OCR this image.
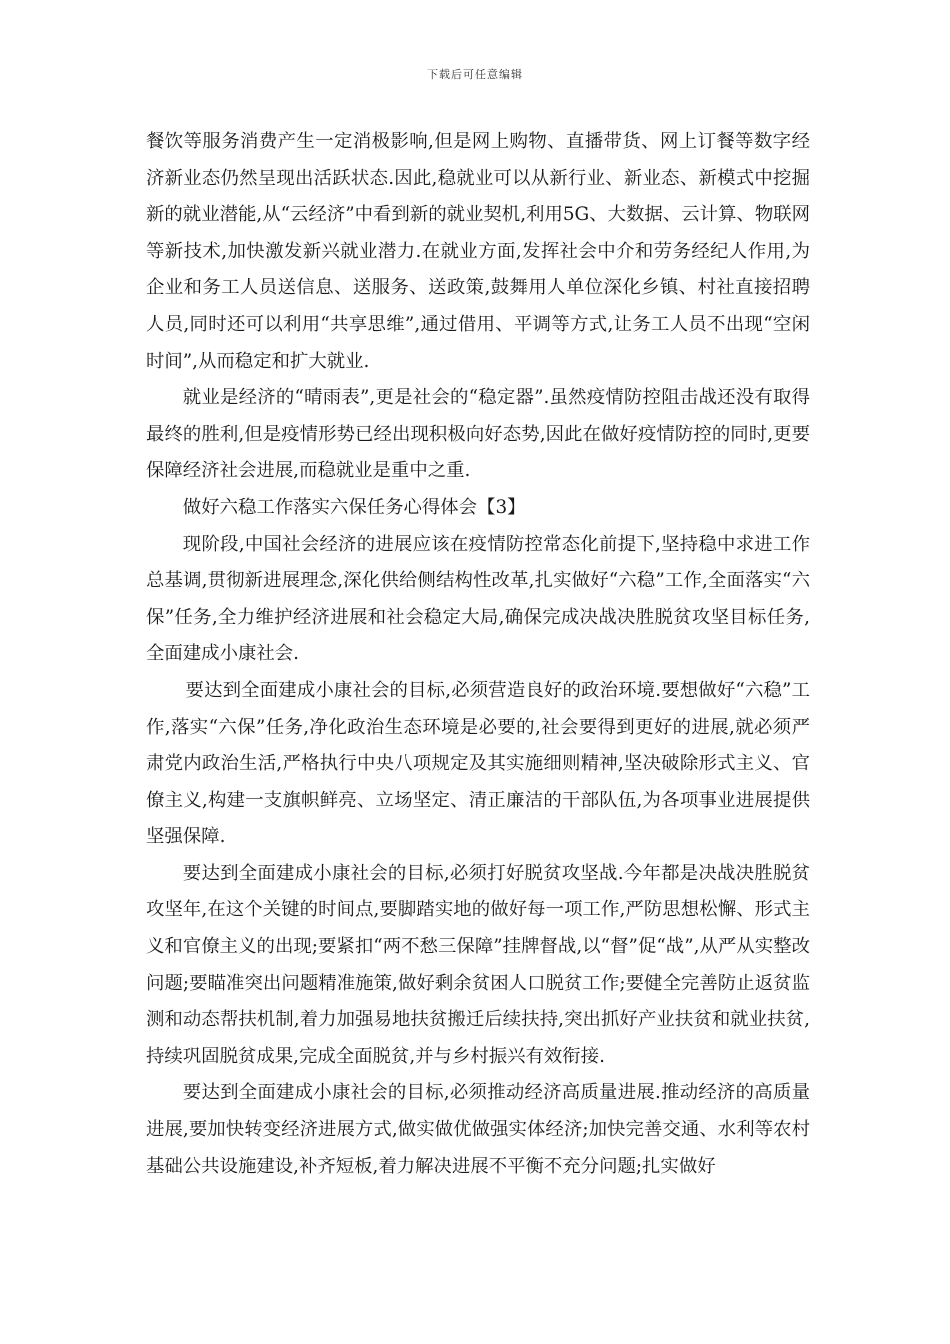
下载后可任意编辑

餐饮等服务消费产生一定消极影响,但是网上购物、直播带货、网上订餐等数字经济新业态仍然呈现出活跃状态.因此,稳就业可以从新行业、新业态、新模式中挖掘新的就业潜能,从“云经济”中看到新的就业契机,利用5G、大数据、云计算、物联网等新技术,加快激发新兴就业潜力.在就业方面,发挥社会中介和劳务经纪人作用,为企业和务工人员送信息、送服务、送政策,鼓舞用人单位深化乡镇、村社直接招聘人员,同时还可以利用“共享思维”,通过借用、平调等方式,让务工人员不出现“空闲时间”,从而稳定和扩大就业.

就业是经济的“晴雨表”,更是社会的“稳定器”.虽然疫情防控阻击战还没有取得最终的胜利,但是疫情形势已经出现积极向好态势,因此在做好疫情防控的同时,更要保障经济社会进展,而稳就业是重中之重.

做好六稳工作落实六保任务心得体会【3】

现阶段,中国社会经济的进展应该在疫情防控常态化前提下,坚持稳中求进工作总基调,贯彻新进展理念,深化供给侧结构性改革,扎实做好“六稳”工作,全面落实“六保”任务,全力维护经济进展和社会稳定大局,确保完成决战决胜脱贫攻坚目标任务,全面建成小康社会.

要达到全面建成小康社会的目标,必须营造良好的政治环境.要想做好“六稳”工作,落实“六保”任务,净化政治生态环境是必要的,社会要得到更好的进展,就必须严肃党内政治生活,严格执行中央八项规定及其实施细则精神,坚决破除形式主义、官僚主义,构建一支旗帜鲜亮、立场坚定、清正廉洁的干部队伍,为各项事业进展提供坚强保障.

要达到全面建成小康社会的目标,必须打好脱贫攻坚战.今年都是决战决胜脱贫攻坚年,在这个关键的时间点,要脚踏实地的做好每一项工作,严防思想松懈、形式主义和官僚主义的出现;要紧扣“两不愁三保障”挂牌督战,以“督”促“战”,从严从实整改问题;要瞄准突出问题精准施策,做好剩余贫困人口脱贫工作;要健全完善防止返贫监测和动态帮扶机制,着力加强易地扶贫搬迁后续扶持,突出抓好产业扶贫和就业扶贫,持续巩固脱贫成果,完成全面脱贫,并与乡村振兴有效衔接.

要达到全面建成小康社会的目标,必须推动经济高质量进展.推动经济的高质量进展,要加快转变经济进展方式,做实做优做强实体经济;加快完善交通、水利等农村基础公共设施建设,补齐短板,着力解决进展不平衡不充分问题;扎实做好
